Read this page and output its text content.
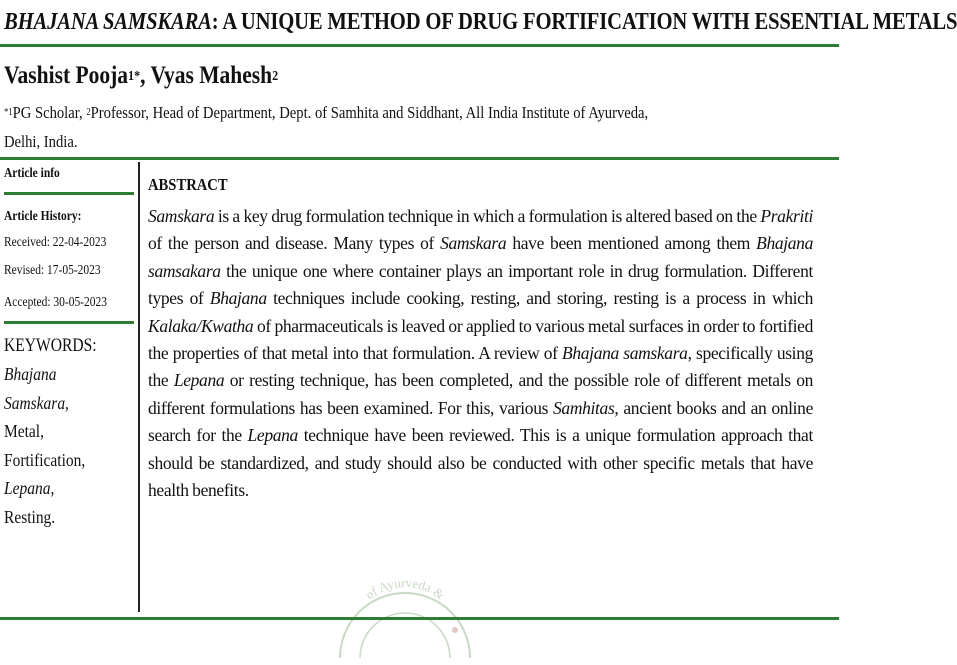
BHAJANA SAMSKARA: A UNIQUE METHOD OF DRUG FORTIFICATION WITH ESSENTIAL METALS
Vashist Pooja$^{1*}$, Vyas Mahesh$^2$
$^{*1}$PG Scholar, $^2$Professor, Head of Department, Dept. of Samhita and Siddhant, All India Institute of Ayurveda,
Delhi, India.
Article info
Article History:
Received: 22-04-2023
Revised: 17-05-2023
Accepted: 30-05-2023
KEYWORDS:
Bhajana
Samskara,
Metal,
Fortification,
Lepana,
Resting.
ABSTRACT
Samskara is a key drug formulation technique in which a formulation is altered based on the Prakriti of the person and disease. Many types of Samskara have been mentioned among them Bhajana samsakara the unique one where container plays an important role in drug formulation. Different types of Bhajana techniques include cooking, resting, and storing, resting is a process in which Kalaka/Kwatha of pharmaceuticals is leaved or applied to various metal surfaces in order to fortified the properties of that metal into that formulation. A review of Bhajana samskara, specifically using the Lepana or resting technique, has been completed, and the possible role of different metals on different formulations has been examined. For this, various Samhitas, ancient books and an online search for the Lepana technique have been reviewed. This is a unique formulation approach that should be standardized, and study should also be conducted with other specific metals that have health benefits.
of Ayurveda &
